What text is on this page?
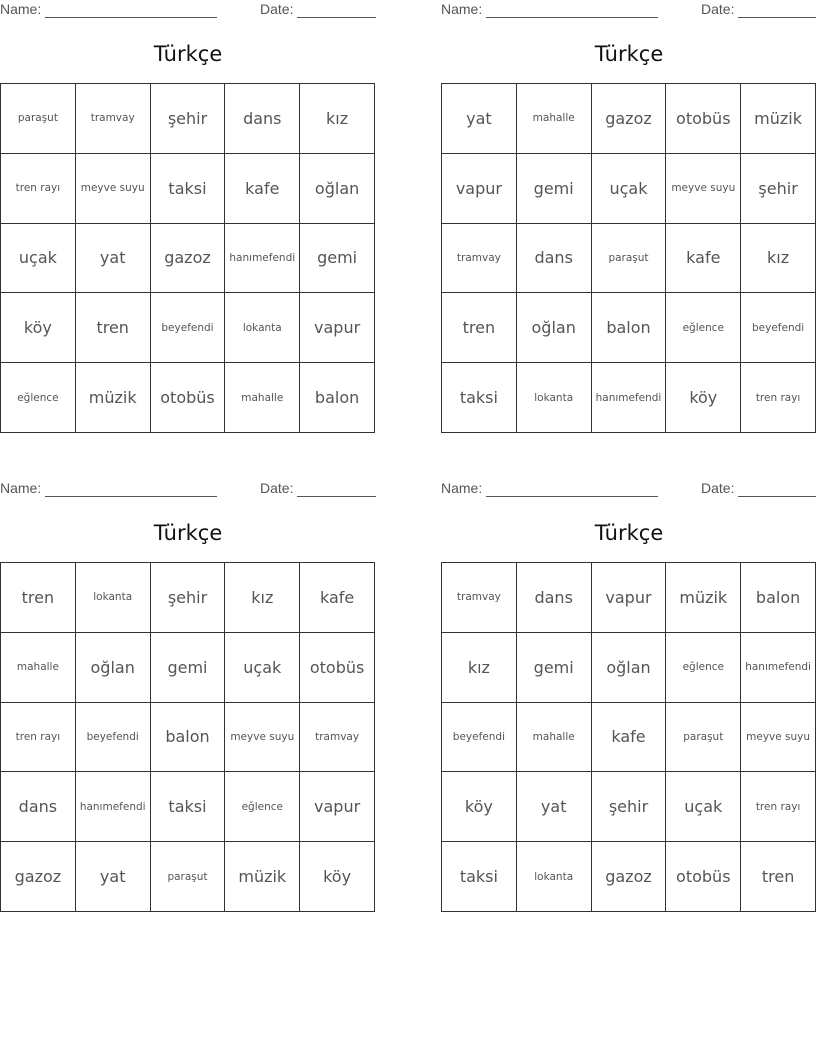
Name:	Date:
Türkçe
paraşut	tramvay	şehir	dans	kız
tren rayı	meyve suyu	taksi	kafe	oğlan
uçak	yat	gazoz	hanımefendi	gemi
köy	tren	beyefendi	lokanta	vapur
eğlence	müzik	otobüs	mahalle	balon
Name:	Date:
Türkçe
yat	mahalle	gazoz	otobüs	müzik
vapur	gemi	uçak	meyve suyu	şehir
tramvay	dans	paraşut	kafe	kız
tren	oğlan	balon	eğlence	beyefendi
taksi	lokanta	hanımefendi	köy	tren rayı
Name:	Date:
Türkçe
tren	lokanta	şehir	kız	kafe
mahalle	oğlan	gemi	uçak	otobüs
tren rayı	beyefendi	balon	meyve suyu	tramvay
dans	hanımefendi	taksi	eğlence	vapur
gazoz	yat	paraşut	müzik	köy
Name:	Date:
Türkçe
tramvay	dans	vapur	müzik	balon
kız	gemi	oğlan	eğlence	hanımefendi
beyefendi	mahalle	kafe	paraşut	meyve suyu
köy	yat	şehir	uçak	tren rayı
taksi	lokanta	gazoz	otobüs	tren
